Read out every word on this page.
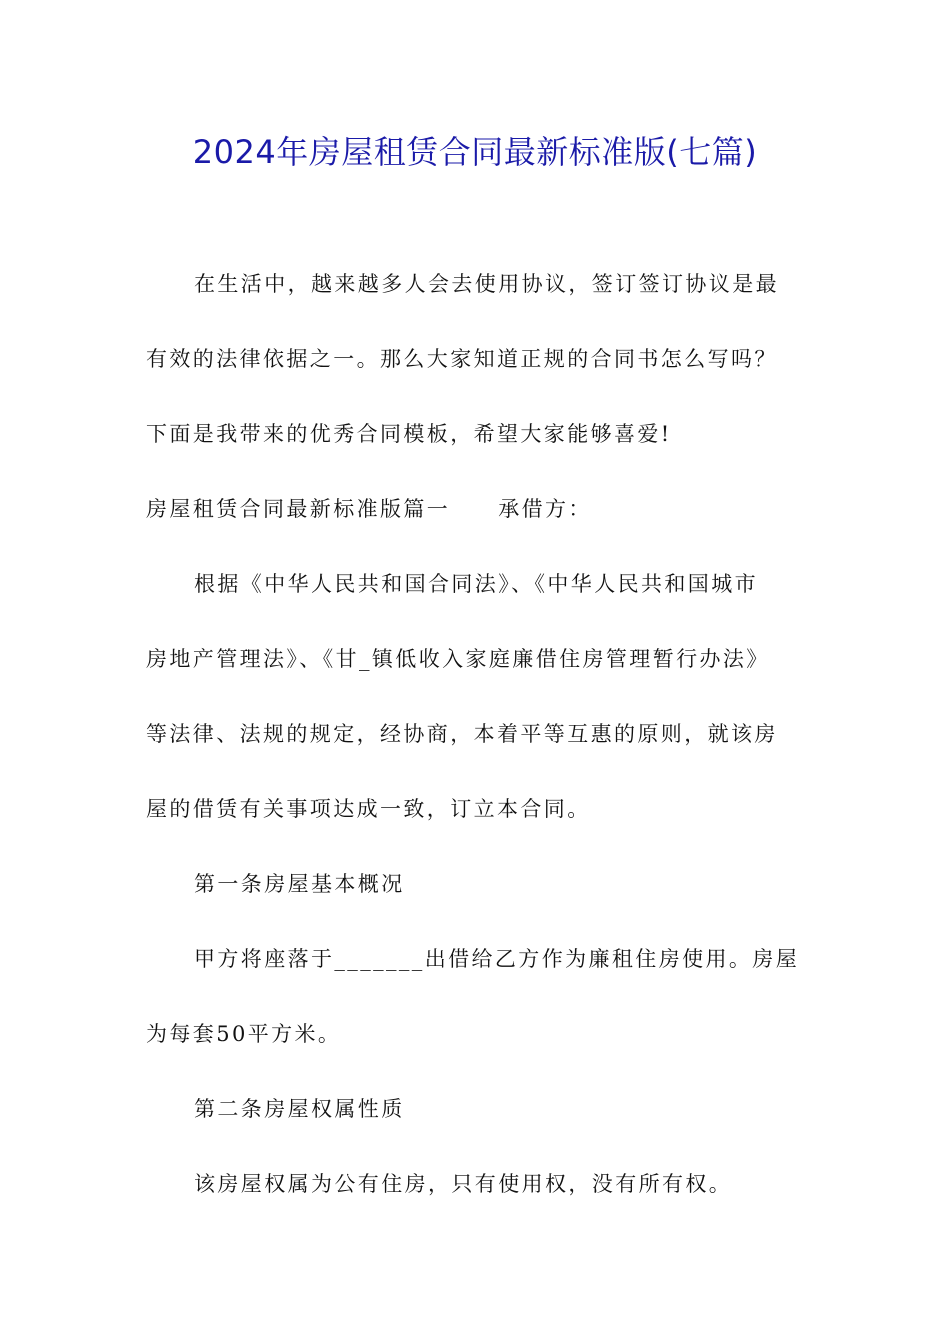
2024年房屋租赁合同最新标准版(七篇)
在生活中，越来越多人会去使用协议，签订签订协议是最
有效的法律依据之一。那么大家知道正规的合同书怎么写吗？
下面是我带来的优秀合同模板，希望大家能够喜爱!
房屋租赁合同最新标准版篇一 承借方：
根据《中华人民共和国合同法》、《中华人民共和国城市
房地产管理法》、《甘_镇低收入家庭廉借住房管理暂行办法》
等法律、法规的规定，经协商，本着平等互惠的原则，就该房
屋的借赁有关事项达成一致，订立本合同。
第一条房屋基本概况
甲方将座落于_______出借给乙方作为廉租住房使用。房屋
为每套50平方米。
第二条房屋权属性质
该房屋权属为公有住房，只有使用权，没有所有权。
